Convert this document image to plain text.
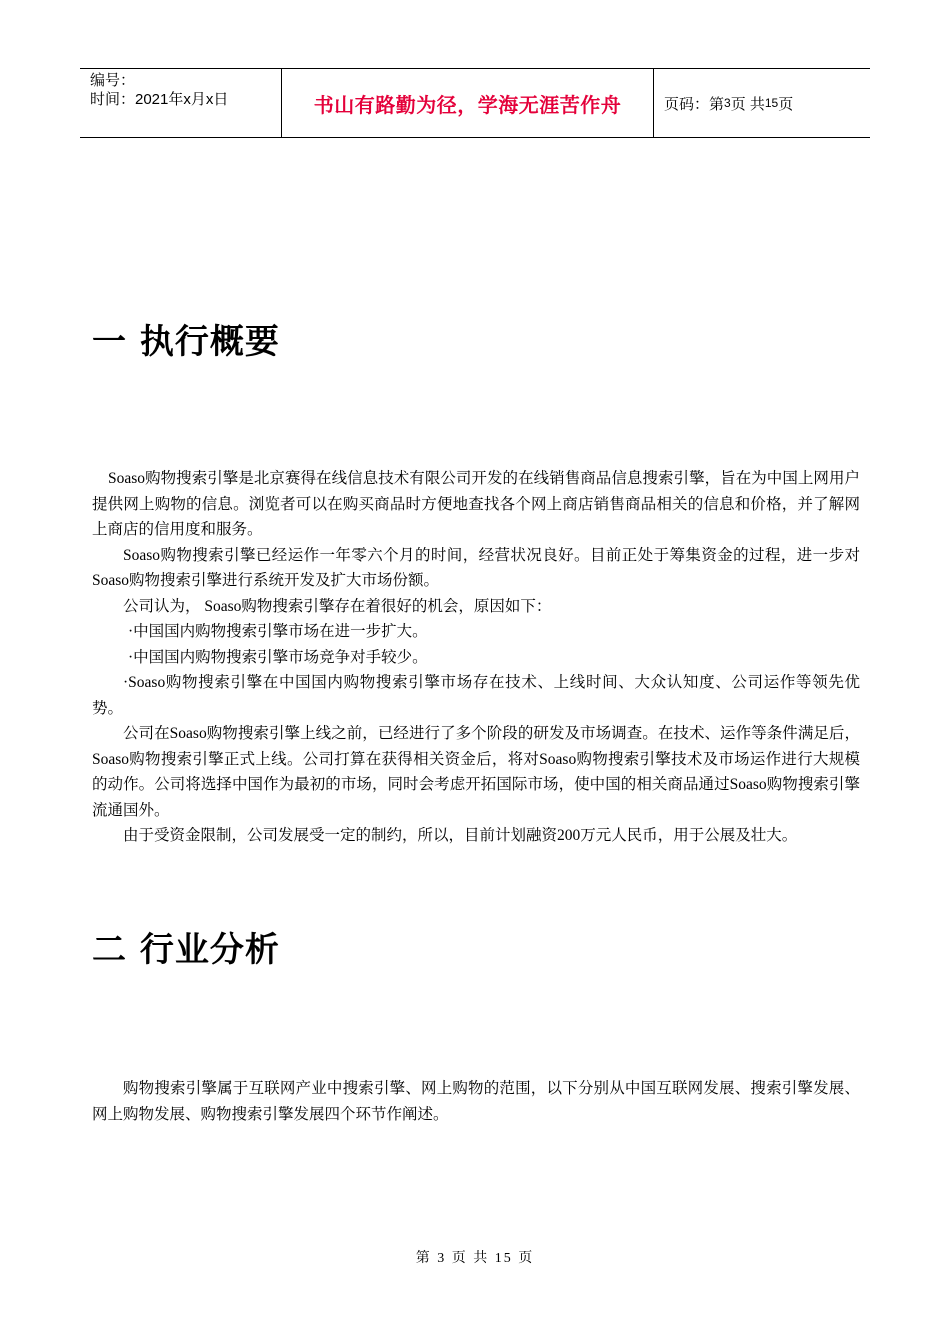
编号：
时间：2021年x月x日	书山有路勤为径，学海无涯苦作舟	页码：第 3 页 共 15 页
一 执行概要

Soaso购物搜索引擎是北京赛得在线信息技术有限公司开发的在线销售商品信息搜索引擎，旨在为中国上网用户提供网上购物的信息。浏览者可以在购买商品时方便地查找各个网上商店销售商品相关的信息和价格，并了解网上商店的信用度和服务。

Soaso购物搜索引擎已经运作一年零六个月的时间，经营状况良好。目前正处于筹集资金的过程，进一步对Soaso购物搜索引擎进行系统开发及扩大市场份额。

公司认为， Soaso购物搜索引擎存在着很好的机会，原因如下：

·中国国内购物搜索引擎市场在进一步扩大。

·中国国内购物搜索引擎市场竞争对手较少。

·Soaso购物搜索引擎在中国国内购物搜索引擎市场存在技术、上线时间、大众认知度、公司运作等领先优势。

公司在Soaso购物搜索引擎上线之前，已经进行了多个阶段的研发及市场调查。在技术、运作等条件满足后，Soaso购物搜索引擎正式上线。公司打算在获得相关资金后，将对Soaso购物搜索引擎技术及市场运作进行大规模的动作。公司将选择中国作为最初的市场，同时会考虑开拓国际市场，使中国的相关商品通过Soaso购物搜索引擎流通国外。

由于受资金限制，公司发展受一定的制约，所以，目前计划融资200万元人民币，用于公展及壮大。

二 行业分析

购物搜索引擎属于互联网产业中搜索引擎、网上购物的范围，以下分别从中国互联网发展、搜索引擎发展、网上购物发展、购物搜索引擎发展四个环节作阐述。

第 3 页 共 15 页
